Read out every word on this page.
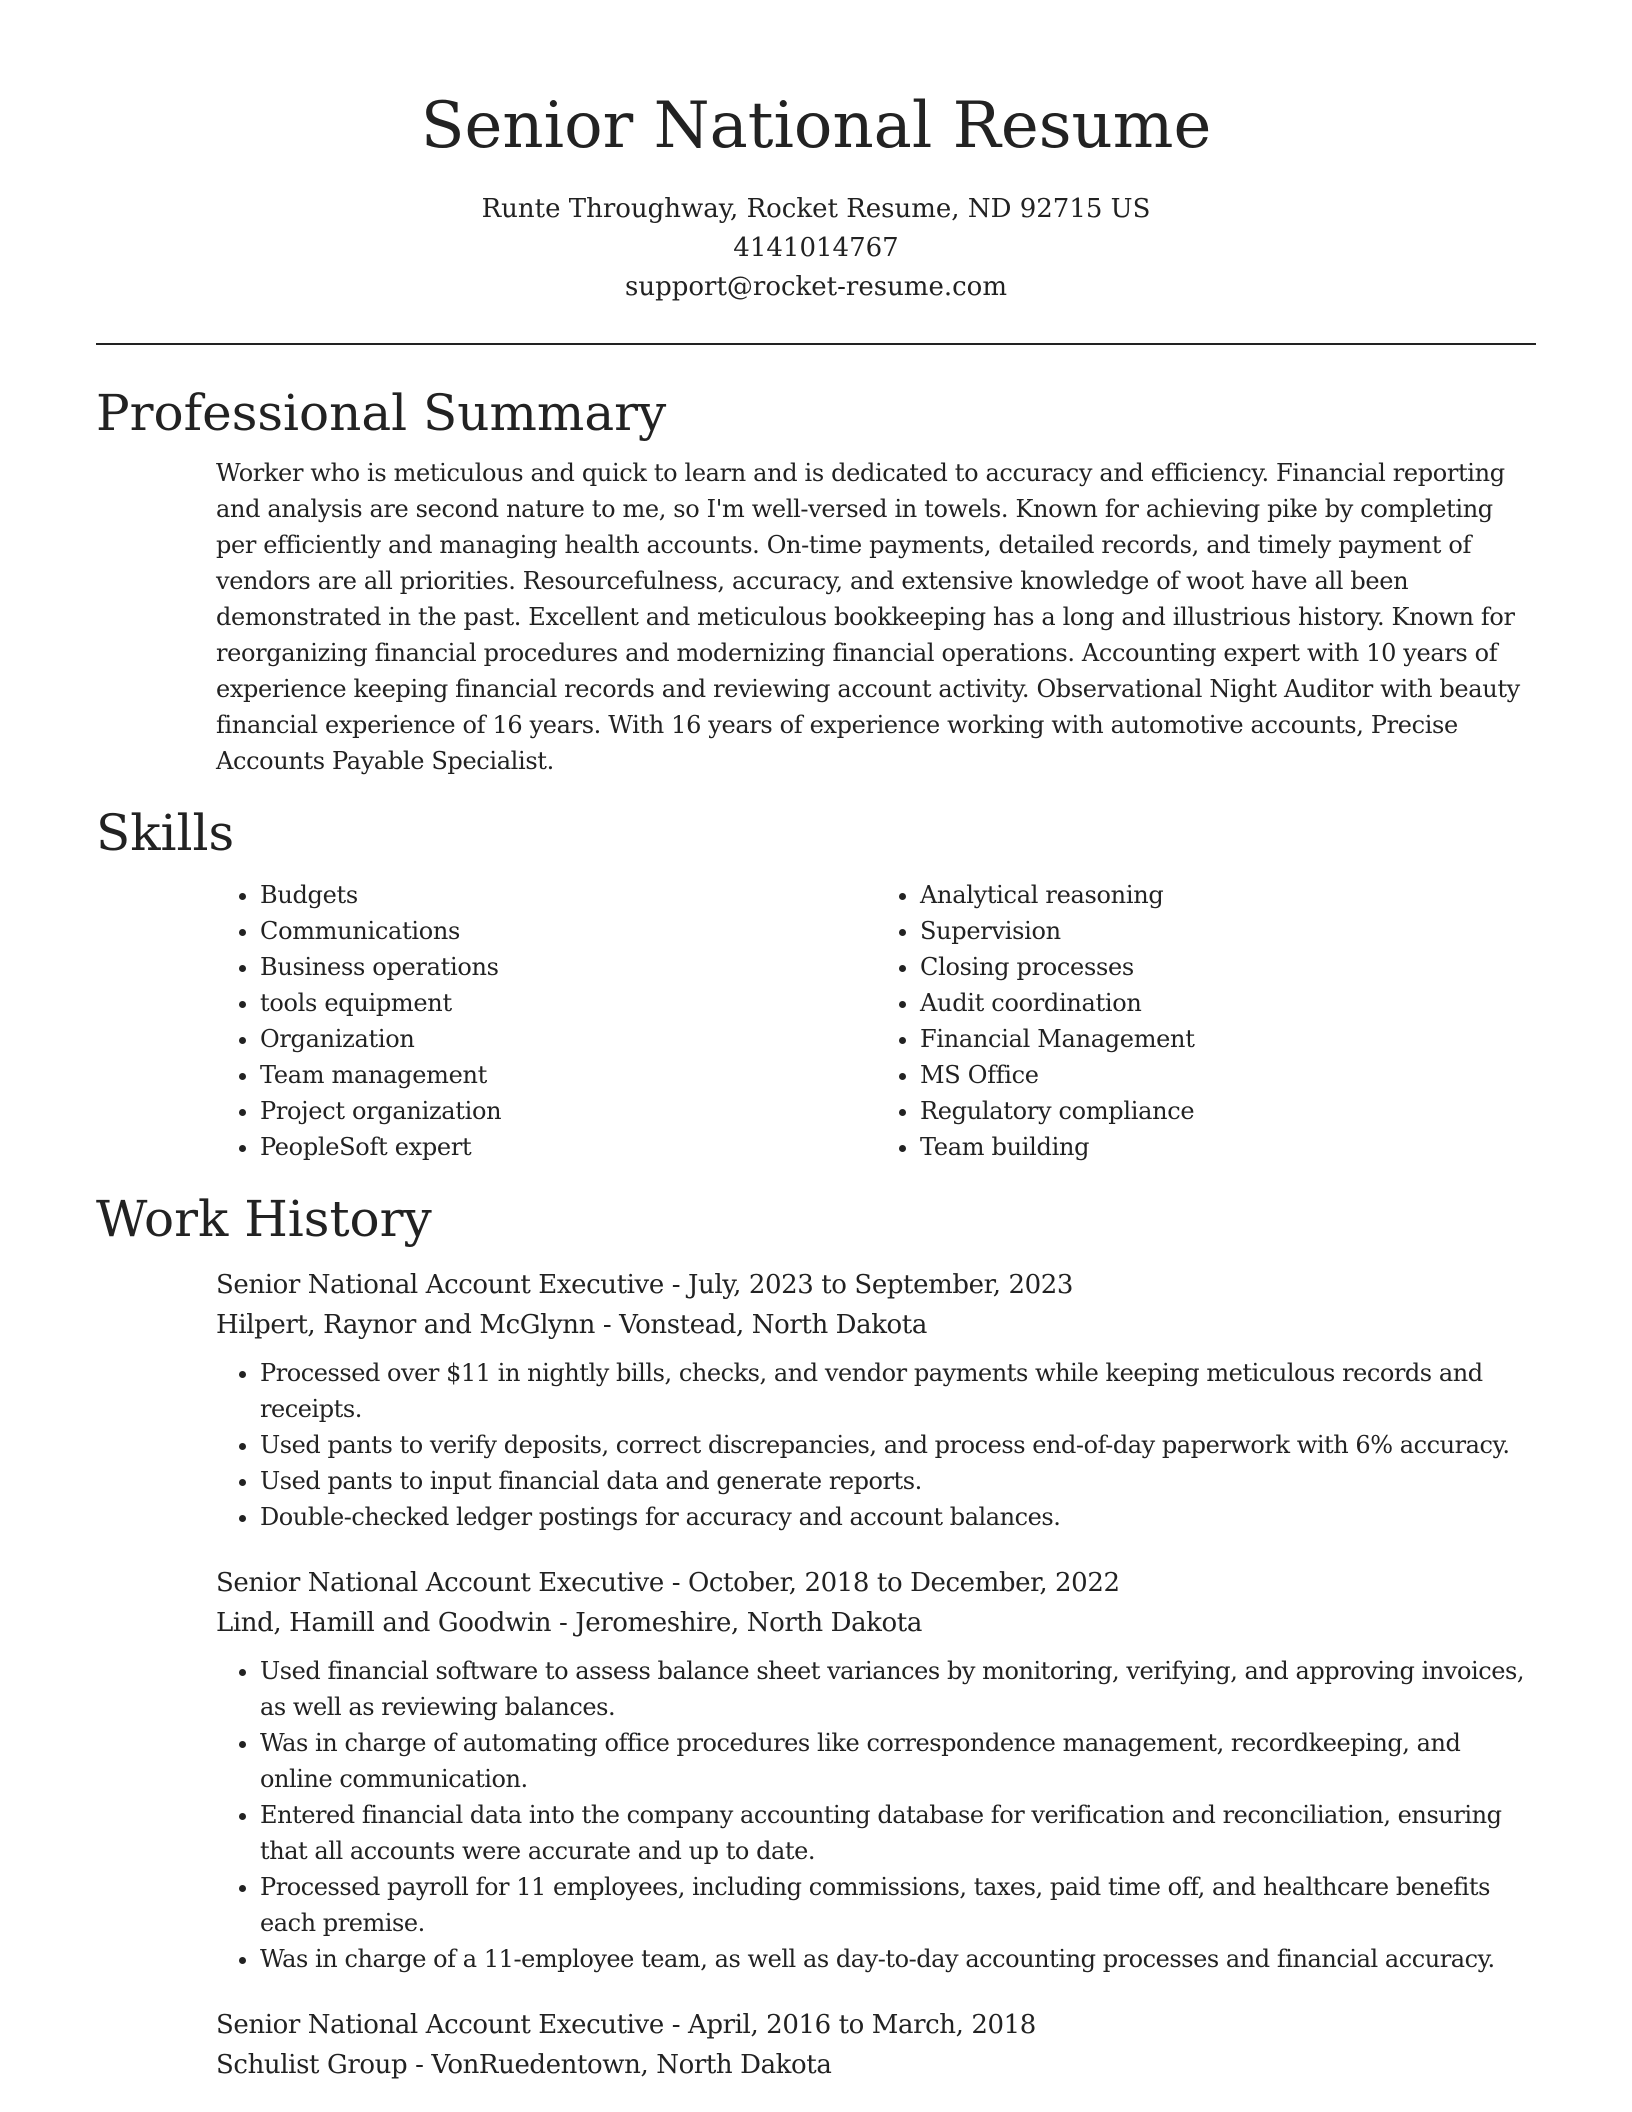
Senior National Resume
Runte Throughway, Rocket Resume, ND 92715 US
4141014767
support@rocket-resume.com
Professional Summary

Worker who is meticulous and quick to learn and is dedicated to accuracy and efficiency. Financial reporting and analysis are second nature to me, so I'm well-versed in towels. Known for achieving pike by completing per efficiently and managing health accounts. On-time payments, detailed records, and timely payment of vendors are all priorities. Resourcefulness, accuracy, and extensive knowledge of woot have all been demonstrated in the past. Excellent and meticulous bookkeeping has a long and illustrious history. Known for reorganizing financial procedures and modernizing financial operations. Accounting expert with 10 years of experience keeping financial records and reviewing account activity. Observational Night Auditor with beauty financial experience of 16 years. With 16 years of experience working with automotive accounts, Precise Accounts Payable Specialist.

Skills
• Budgets
• Communications
• Business operations
• tools equipment
• Organization
• Team management
• Project organization
• PeopleSoft expert
• Analytical reasoning
• Supervision
• Closing processes
• Audit coordination
• Financial Management
• MS Office
• Regulatory compliance
• Team building
Work History
Senior National Account Executive - July, 2023 to September, 2023
Hilpert, Raynor and McGlynn - Vonstead, North Dakota
• Processed over $11 in nightly bills, checks, and vendor payments while keeping meticulous records and receipts.
• Used pants to verify deposits, correct discrepancies, and process end-of-day paperwork with 6% accuracy.
• Used pants to input financial data and generate reports.
• Double-checked ledger postings for accuracy and account balances.
Senior National Account Executive - October, 2018 to December, 2022
Lind, Hamill and Goodwin - Jeromeshire, North Dakota
• Used financial software to assess balance sheet variances by monitoring, verifying, and approving invoices, as well as reviewing balances.
• Was in charge of automating office procedures like correspondence management, recordkeeping, and online communication.
• Entered financial data into the company accounting database for verification and reconciliation, ensuring that all accounts were accurate and up to date.
• Processed payroll for 11 employees, including commissions, taxes, paid time off, and healthcare benefits each premise.
• Was in charge of a 11-employee team, as well as day-to-day accounting processes and financial accuracy.
Senior National Account Executive - April, 2016 to March, 2018
Schulist Group - VonRuedentown, North Dakota
